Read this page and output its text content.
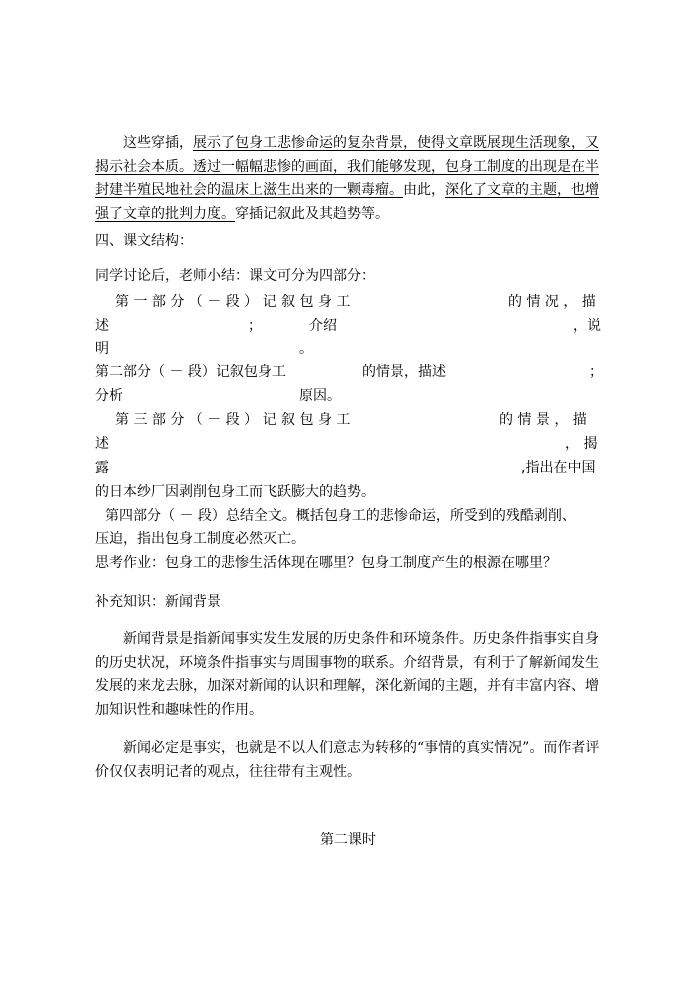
这些穿插，展示了包身工悲惨命运的复杂背景，使得文章既展现生活现象，又揭示社会本质。透过一幅幅悲惨的画面，我们能够发现，包身工制度的出现是在半封建半殖民地社会的温床上滋生出来的一颗毒瘤。由此，深化了文章的主题，也增强了文章的批判力度。穿插记叙此及其趋势等。

四、课文结构：

同学讨论后，老师小结：课文可分为四部分：

第 一 部 分 （ － 段 ） 记 叙 包 身 工	的 情 况 ， 描

述	；	介绍	，说

明	。

第二部分（ － 段）记叙包身工	的情景，描述	；

分析	原因。

第 三 部 分 （ － 段 ） 记 叙 包 身 工	的 情 景 ， 描

述	， 揭

露	,指出在中国

的日本纱厂因剥削包身工而飞跃膨大的趋势。

第四部分（ － 段）总结全文。概括包身工的悲惨命运，所受到的残酷剥削、

压迫，指出包身工制度必然灭亡。

思考作业：包身工的悲惨生活体现在哪里？包身工制度产生的根源在哪里？

补充知识：新闻背景

新闻背景是指新闻事实发生发展的历史条件和环境条件。历史条件指事实自身的历史状况，环境条件指事实与周围事物的联系。介绍背景，有利于了解新闻发生发展的来龙去脉，加深对新闻的认识和理解，深化新闻的主题，并有丰富内容、增加知识性和趣味性的作用。

新闻必定是事实，也就是不以人们意志为转移的“事情的真实情况”。而作者评价仅仅表明记者的观点，往往带有主观性。

第二课时
